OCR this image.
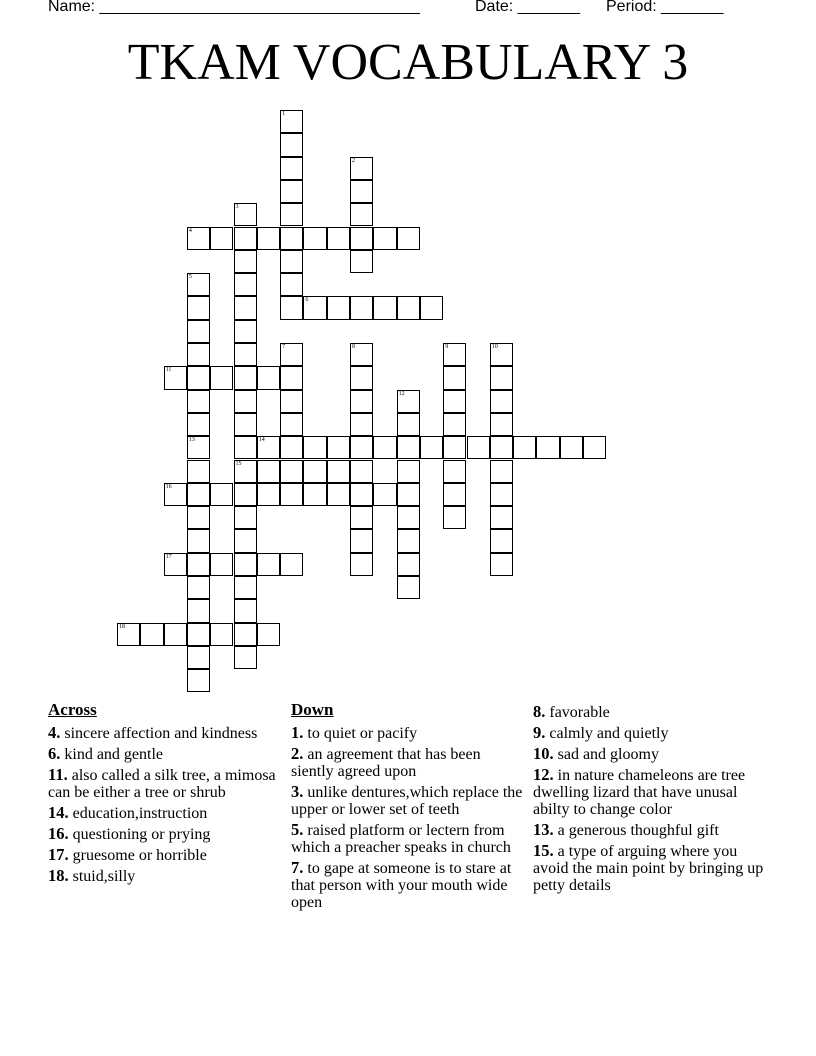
Name: ____________________________________	Date: _______ Period: _______
TKAM VOCABULARY 3
1
2
3
15
4
5
13
6
7	8	9	10
11
12
14
16
17
18
Across
4. sincere affection and kindness
6. kind and gentle
11. also called a silk tree, a mimosa can be either a tree or shrub
14. education,instruction
16. questioning or prying
17. gruesome or horrible
18. stuid,silly
Down
1. to quiet or pacify
2. an agreement that has been siently agreed upon
3. unlike dentures,which replace the upper or lower set of teeth
5. raised platform or lectern from which a preacher speaks in church
7. to gape at someone is to stare at that person with your mouth wide open
8. favorable
9. calmly and quietly
10. sad and gloomy
12. in nature chameleons are tree dwelling lizard that have unusal abilty to change color
13. a generous thoughful gift
15. a type of arguing where you avoid the main point by bringing up petty details
